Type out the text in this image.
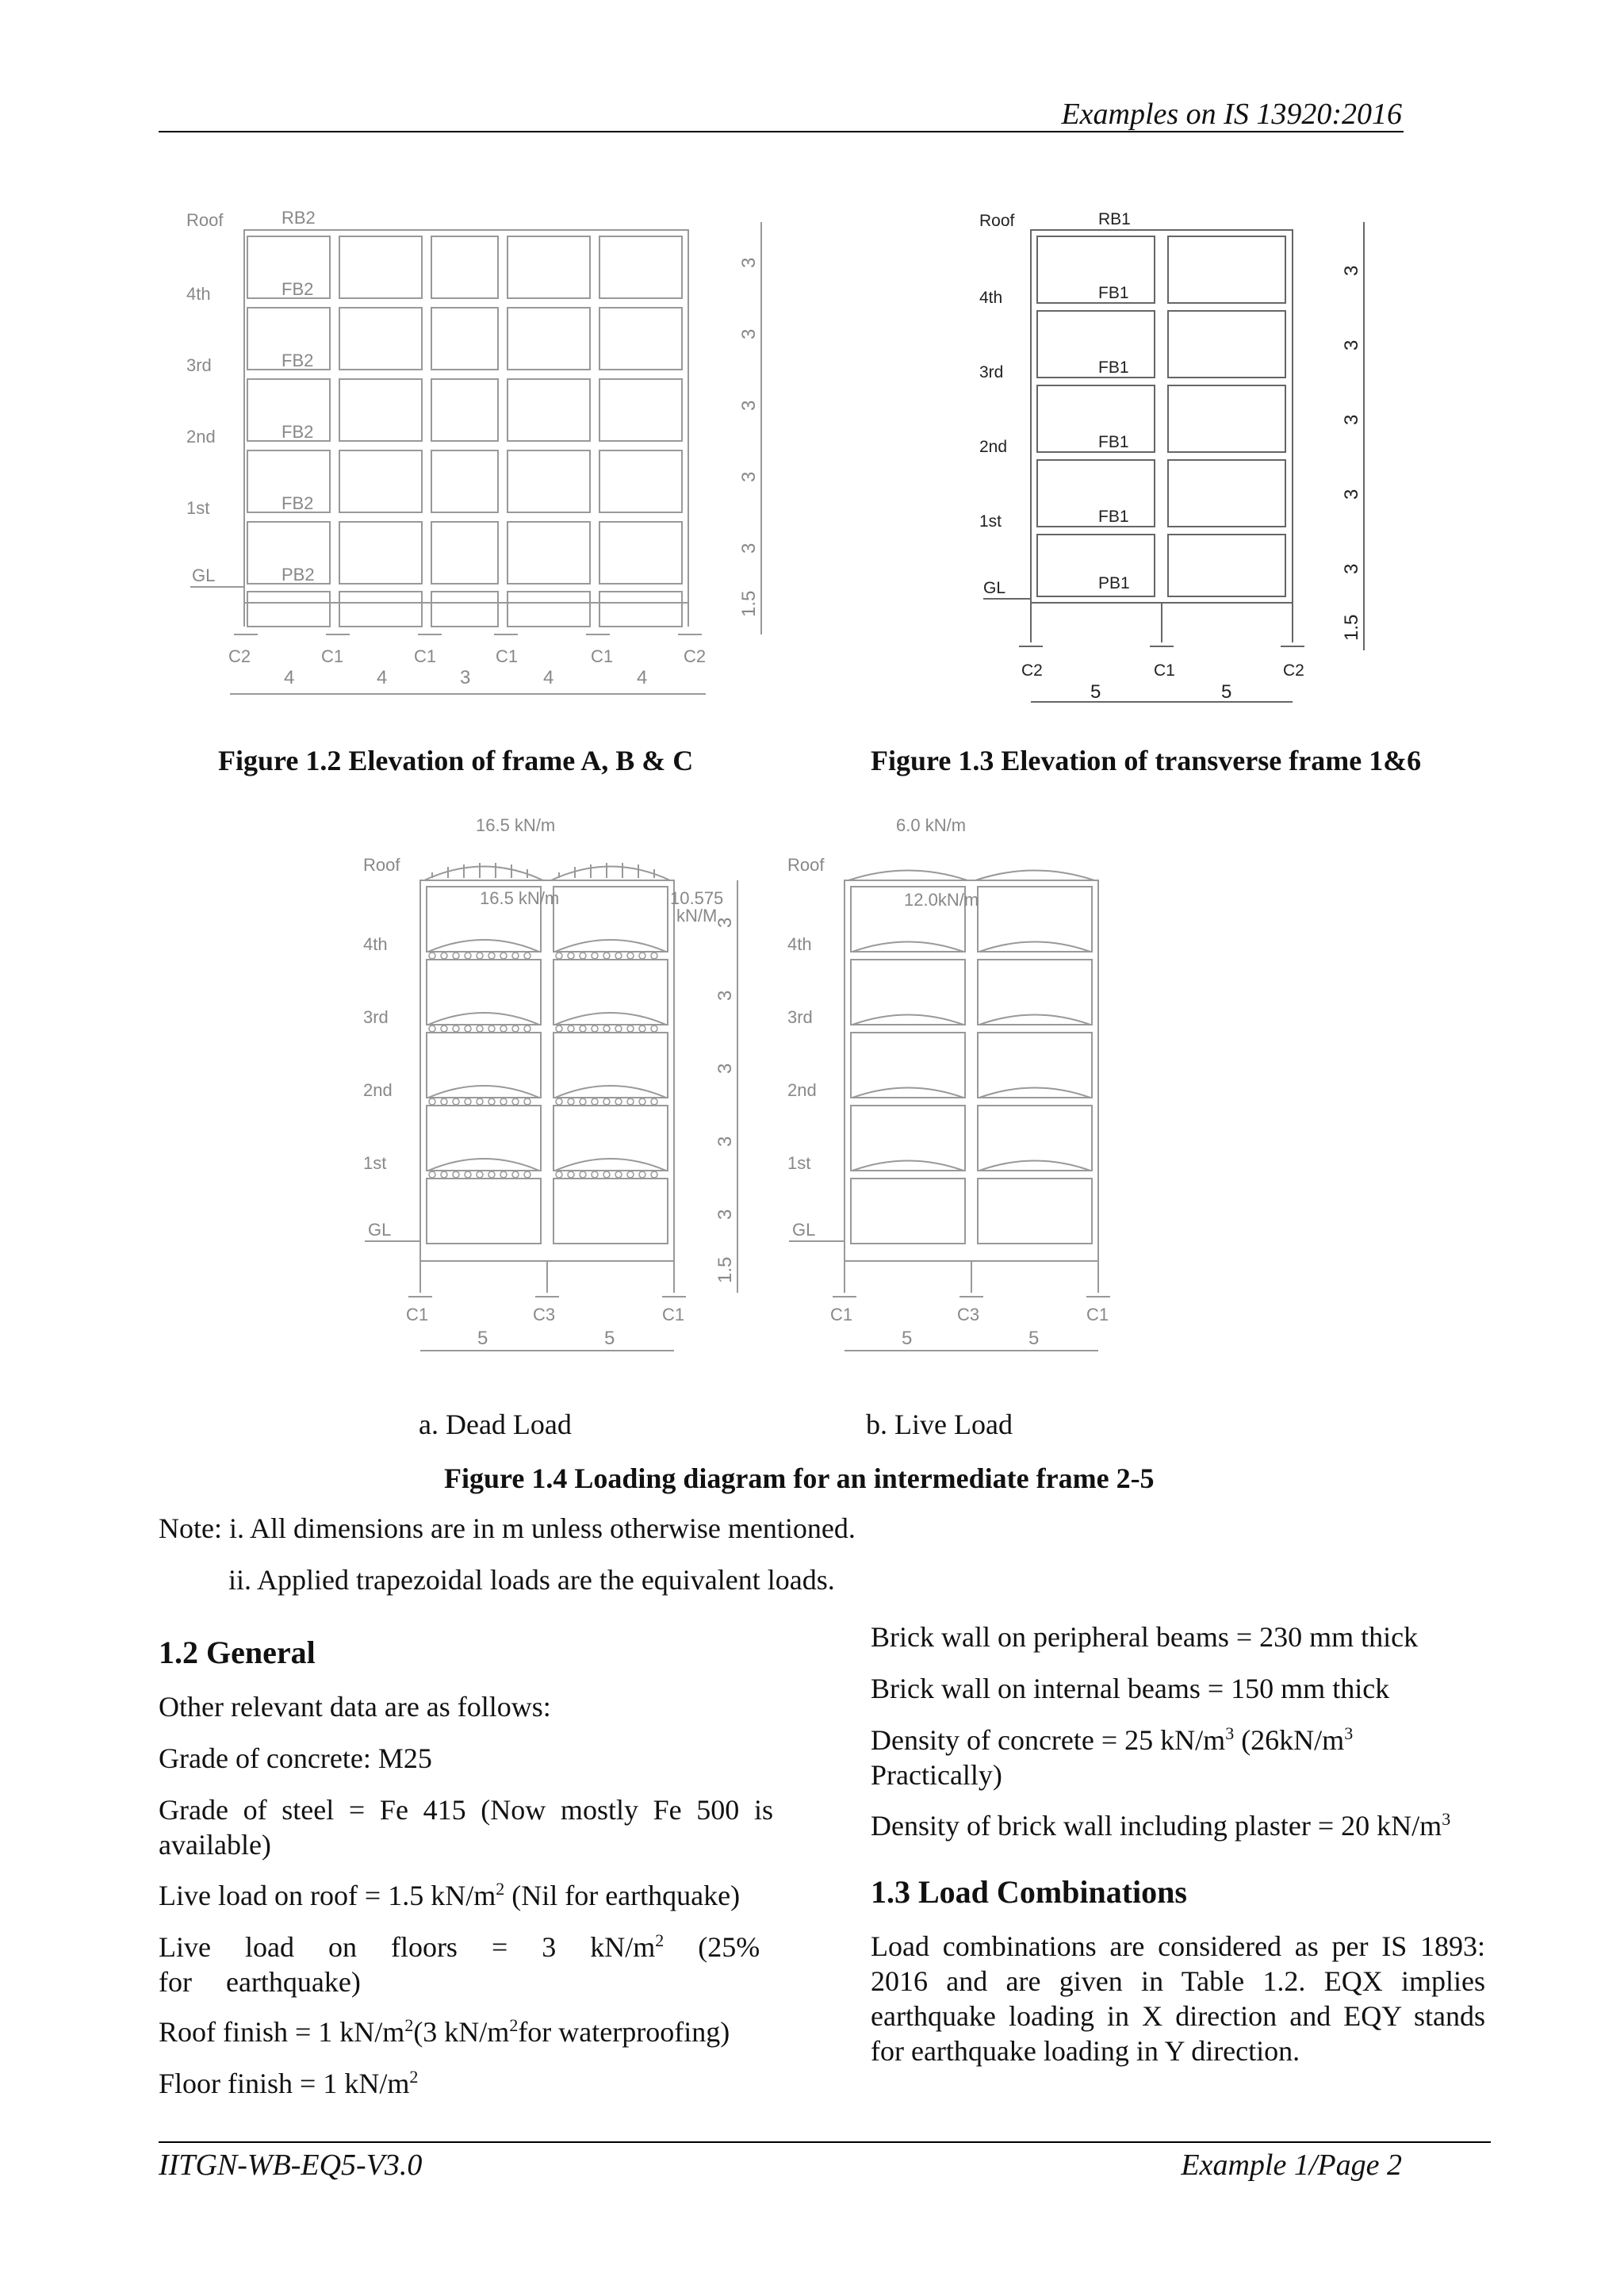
Examples on IS 13920:2016
Roof
4th
3rd
2nd
1st
GL
RB2
FB2
FB2
FB2
FB2
PB2
C2	C1	C1	C1	C1	C2
4	4	3	4	4
3
3
3
3
3
1.5
Figure 1.2 Elevation of frame A, B & C
Roof
4th
3rd
2nd
1st
GL
RB1
FB1
FB1
FB1
FB1
PB1
C2	C1	C2
5	5
3
3
3
3
3
1.5
Figure 1.3 Elevation of transverse frame 1&6
16.5 kN/m
16.5 kN/m	10.575
kN/M
Roof
4th
3rd
2nd
1st
GL
C1	C3	C1
5	5
3
3
3
3
3
1.5
6.0 kN/m
12.0kN/m
Roof
4th
3rd
2nd
1st
GL
C1	C3	C1
5	5
a. Dead Load	b. Live Load
Figure 1.4 Loading diagram for an intermediate frame 2-5
Note: i. All dimensions are in m unless otherwise mentioned.
ii. Applied trapezoidal loads are the equivalent loads.
1.2 General
Other relevant data are as follows:
Grade of concrete: M25
Grade of steel = Fe 415 (Now mostly Fe 500 is available)
Live load on roof = 1.5 $kN/m^2$ (Nil for earthquake)
Live load on floors = 3 $kN/m^2$ (25% for earthquake)
Roof finish = 1 $kN/m^2(3$ $kN/m^2for$ waterproofing)
Floor finish = 1 $kN/m^2$
Brick wall on peripheral beams = 230 mm thick
Brick wall on internal beams = 150 mm thick
Density of concrete = 25 $kN/m^3$ ($26kN/m^3$
Practically)
Density of brick wall including plaster = 20 $kN/m^3$
1.3 Load Combinations
Load combinations are considered as per IS 1893: 2016 and are given in Table 1.2. EQX implies earthquake loading in X direction and EQY stands for earthquake loading in Y direction.
IITGN-WB-EQ5-V3.0	Example 1/Page 2
